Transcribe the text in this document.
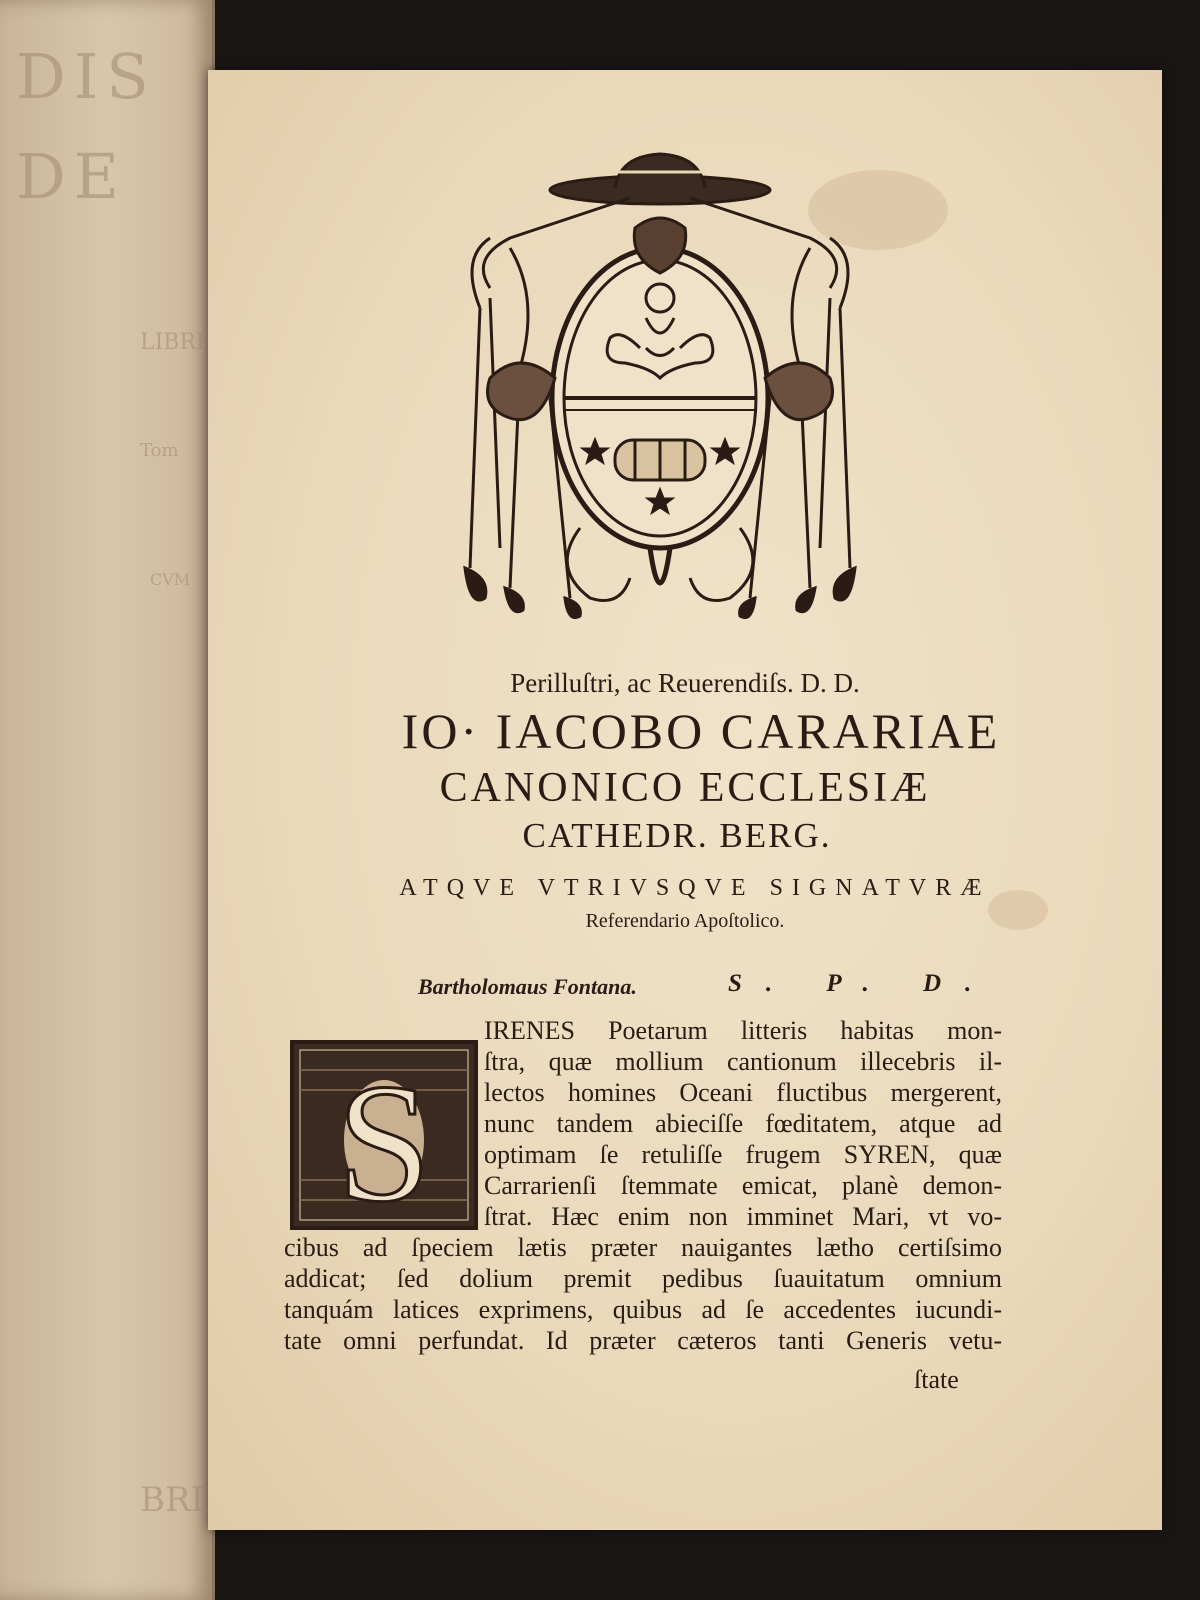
DIS
DE
LIBRI
Tom
CVM
BRI
Perilluſtri, ac Reuerendiſs. D. D.
IO· IACOBO CARARIAE
CANONICO ECCLESIÆ
CATHEDR. BERG.
ATQVE VTRIVSQVE SIGNATVRÆ
Referendario Apoſtolico.
Bartholomaus Fontana.	S. P. D.
S
IRENES Poetarum litteris habitas mon-
ſtra, quæ mollium cantionum illecebris il-
lectos homines Oceani fluctibus mergerent,
nunc tandem abieciſſe fœditatem, atque ad
optimam ſe retuliſſe frugem SYREN, quæ
Carrarienſi ſtemmate emicat, planè demon-
ſtrat. Hæc enim non imminet Mari, vt vo-
cibus ad ſpeciem lætis præter nauigantes lætho certiſsimo
addicat; ſed dolium premit pedibus ſuauitatum omnium
tanquám latices exprimens, quibus ad ſe accedentes iucundi-
tate omni perfundat. Id præter cæteros tanti Generis vetu-
ſtate
